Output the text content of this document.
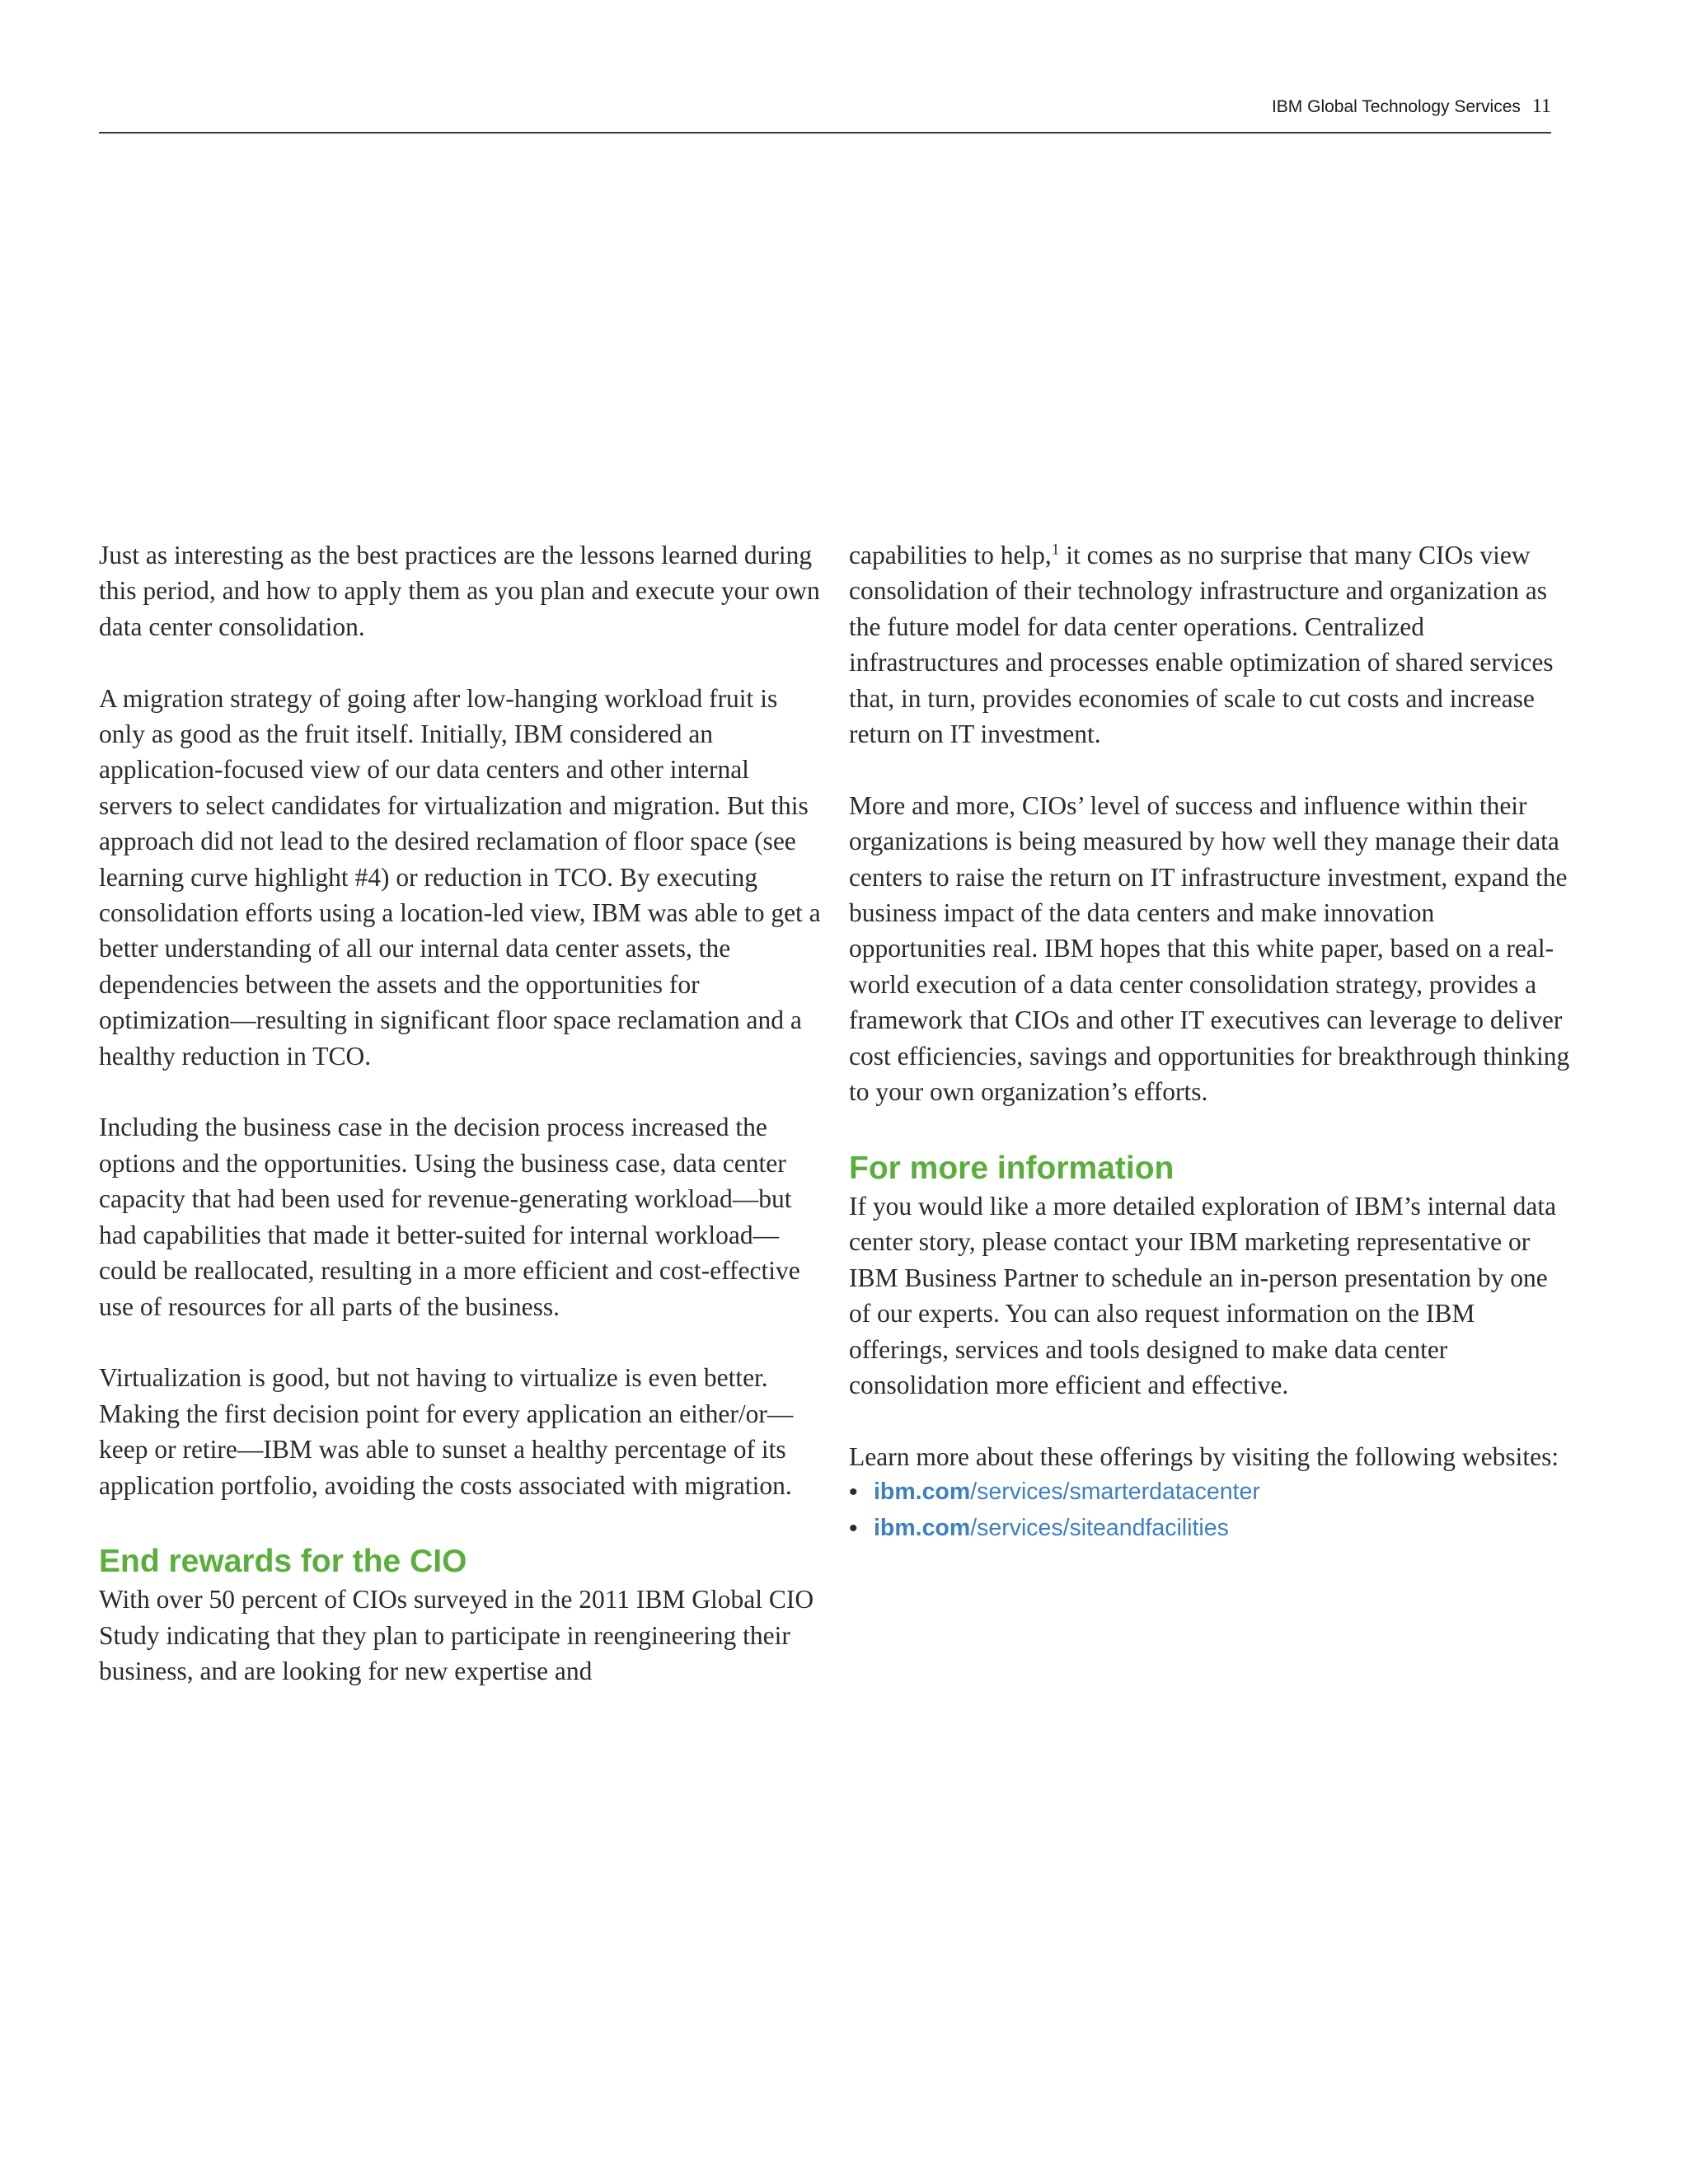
IBM Global Technology Services 11

Just as interesting as the best practices are the lessons learned during this period, and how to apply them as you plan and execute your own data center consolidation.

A migration strategy of going after low-hanging workload fruit is only as good as the fruit itself. Initially, IBM considered an application-focused view of our data centers and other internal servers to select candidates for virtualization and migration. But this approach did not lead to the desired reclamation of floor space (see learning curve highlight #4) or reduction in TCO. By executing consolidation efforts using a location-led view, IBM was able to get a better understanding of all our internal data center assets, the dependencies between the assets and the opportunities for optimization—resulting in significant floor space reclamation and a healthy reduction in TCO.

Including the business case in the decision process increased the options and the opportunities. Using the business case, data center capacity that had been used for revenue-generating workload—but had capabilities that made it better-suited for internal workload—could be reallocated, resulting in a more efficient and cost-effective use of resources for all parts of the business.

Virtualization is good, but not having to virtualize is even better. Making the first decision point for every application an either/or—keep or retire—IBM was able to sunset a healthy percentage of its application portfolio, avoiding the costs associated with migration.

End rewards for the CIO

With over 50 percent of CIOs surveyed in the 2011 IBM Global CIO Study indicating that they plan to participate in reengineering their business, and are looking for new expertise and

capabilities to help,$^1$ it comes as no surprise that many CIOs view consolidation of their technology infrastructure and organization as the future model for data center operations. Centralized infrastructures and processes enable optimization of shared services that, in turn, provides economies of scale to cut costs and increase return on IT investment.

More and more, CIOs’ level of success and influence within their organizations is being measured by how well they manage their data centers to raise the return on IT infrastructure investment, expand the business impact of the data centers and make innovation opportunities real. IBM hopes that this white paper, based on a real-world execution of a data center consolidation strategy, provides a framework that CIOs and other IT executives can leverage to deliver cost efficiencies, savings and opportunities for breakthrough thinking to your own organization’s efforts.

For more information

If you would like a more detailed exploration of IBM’s internal data center story, please contact your IBM marketing representative or IBM Business Partner to schedule an in-person presentation by one of our experts. You can also request information on the IBM offerings, services and tools designed to make data center consolidation more efficient and effective.

Learn more about these offerings by visiting the following websites:

• ibm.com/services/smarterdatacenter
• ibm.com/services/siteandfacilities
